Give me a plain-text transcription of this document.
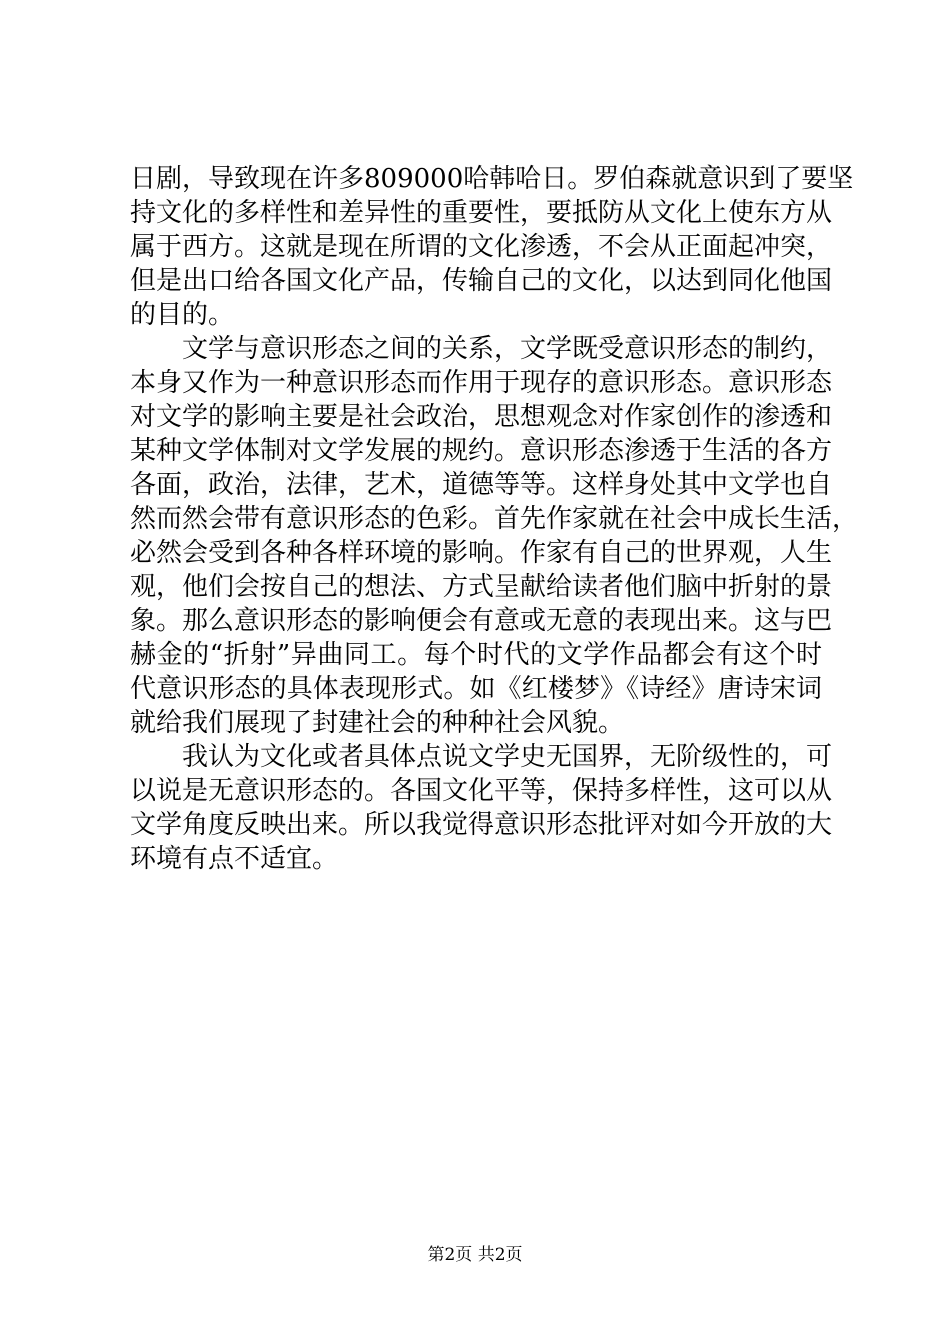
日剧，导致现在许多809000哈韩哈日。罗伯森就意识到了要坚
持文化的多样性和差异性的重要性，要抵防从文化上使东方从
属于西方。这就是现在所谓的文化渗透，不会从正面起冲突，
但是出口给各国文化产品，传输自己的文化，以达到同化他国
的目的。
文学与意识形态之间的关系，文学既受意识形态的制约，
本身又作为一种意识形态而作用于现存的意识形态。意识形态
对文学的影响主要是社会政治，思想观念对作家创作的渗透和
某种文学体制对文学发展的规约。意识形态渗透于生活的各方
各面，政治，法律，艺术，道德等等。这样身处其中文学也自
然而然会带有意识形态的色彩。首先作家就在社会中成长生活，
必然会受到各种各样环境的影响。作家有自己的世界观，人生
观，他们会按自己的想法、方式呈献给读者他们脑中折射的景
象。那么意识形态的影响便会有意或无意的表现出来。这与巴
赫金的“折射”异曲同工。每个时代的文学作品都会有这个时
代意识形态的具体表现形式。如《红楼梦》《诗经》唐诗宋词
就给我们展现了封建社会的种种社会风貌。
我认为文化或者具体点说文学史无国界，无阶级性的，可
以说是无意识形态的。各国文化平等，保持多样性，这可以从
文学角度反映出来。所以我觉得意识形态批评对如今开放的大
环境有点不适宜。
第2页 共2页
